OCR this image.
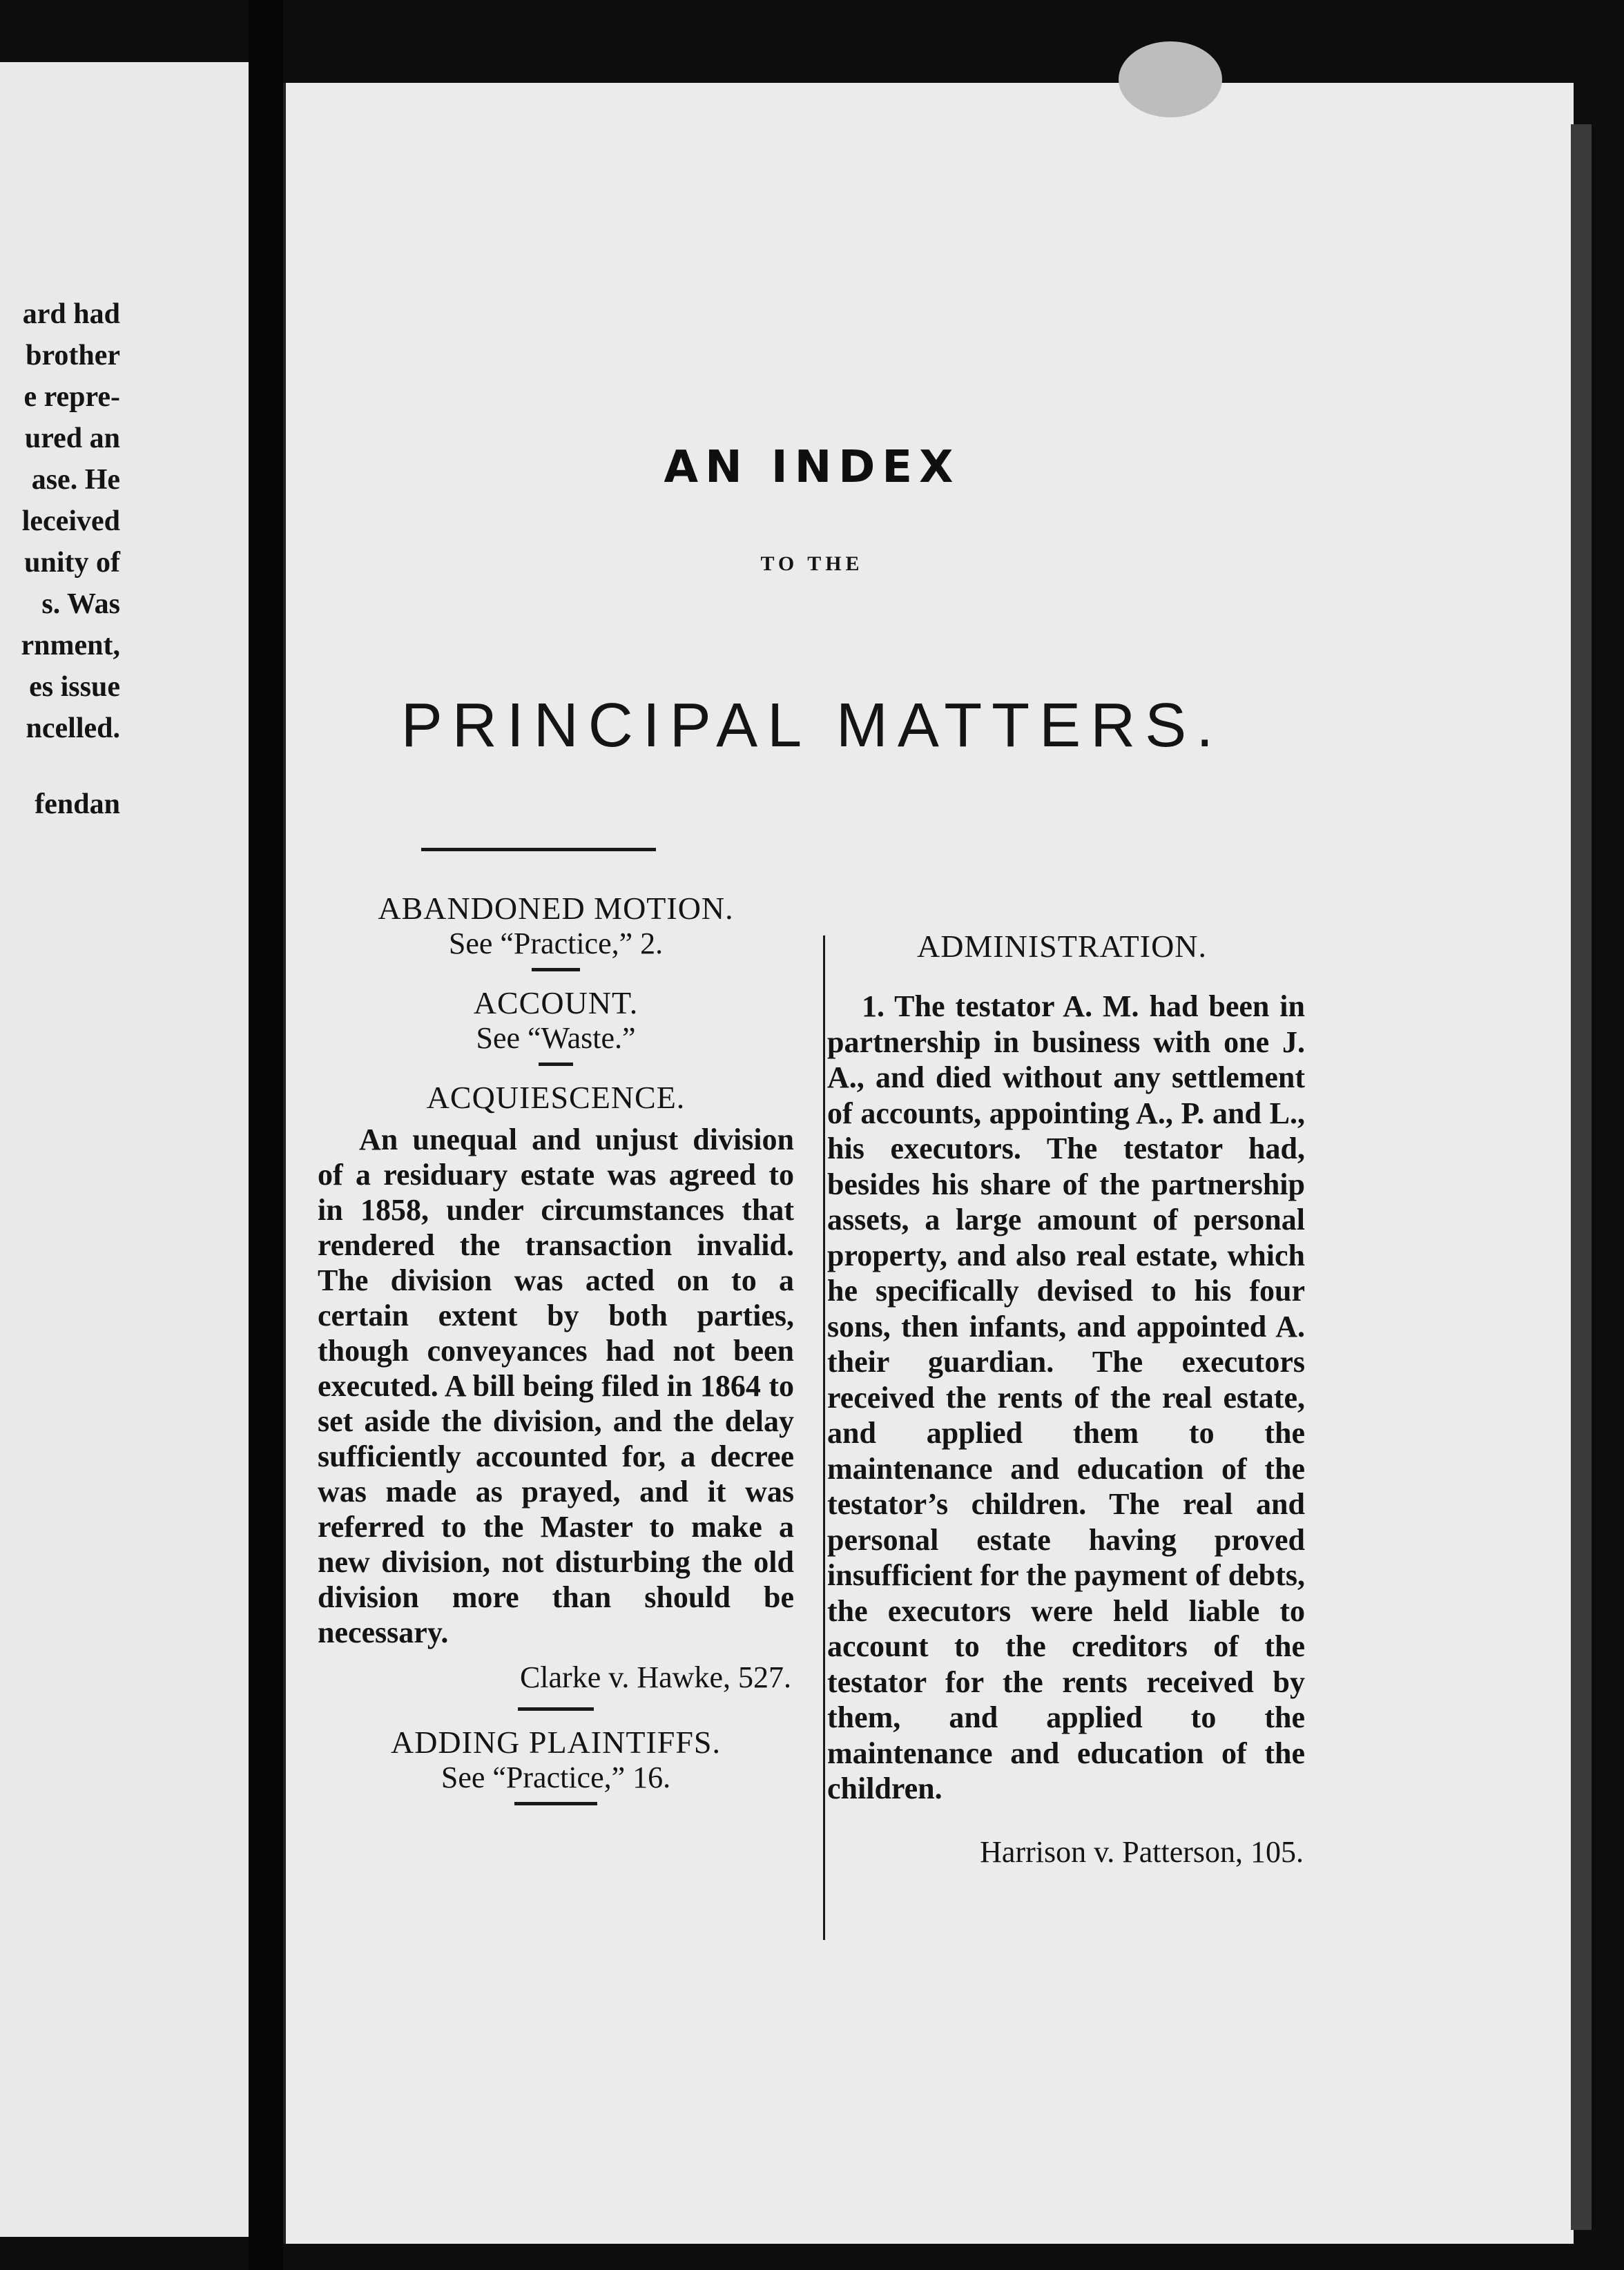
ard had
brother
e repre-
ured an
ase. He
leceived
unity of
s. Was
rnment,
es issue
ncelled.
fendan
AN INDEX
TO THE
PRINCIPAL MATTERS.
ABANDONED MOTION.
See “Practice,” 2.
ACCOUNT.
See “Waste.”
ACQUIESCENCE.
An unequal and unjust division of a residuary estate was agreed to in 1858, under circumstances that rendered the transaction invalid. The division was acted on to a certain extent by both parties, though conveyances had not been executed. A bill being filed in 1864 to set aside the division, and the delay sufficiently accounted for, a decree was made as prayed, and it was referred to the Master to make a new division, not disturbing the old division more than should be necessary.
Clarke v. Hawke, 527.
ADDING PLAINTIFFS.
See “Practice,” 16.
ADMINISTRATION.
1. The testator A. M. had been in partnership in business with one J. A., and died without any settlement of accounts, appointing A., P. and L., his executors. The testator had, besides his share of the partnership assets, a large amount of personal property, and also real estate, which he specifically devised to his four sons, then infants, and appointed A. their guardian. The executors received the rents of the real estate, and applied them to the maintenance and education of the testator’s children. The real and personal estate having proved insufficient for the payment of debts, the executors were held liable to account to the creditors of the testator for the rents received by them, and applied to the maintenance and education of the children.
Harrison v. Patterson, 105.
